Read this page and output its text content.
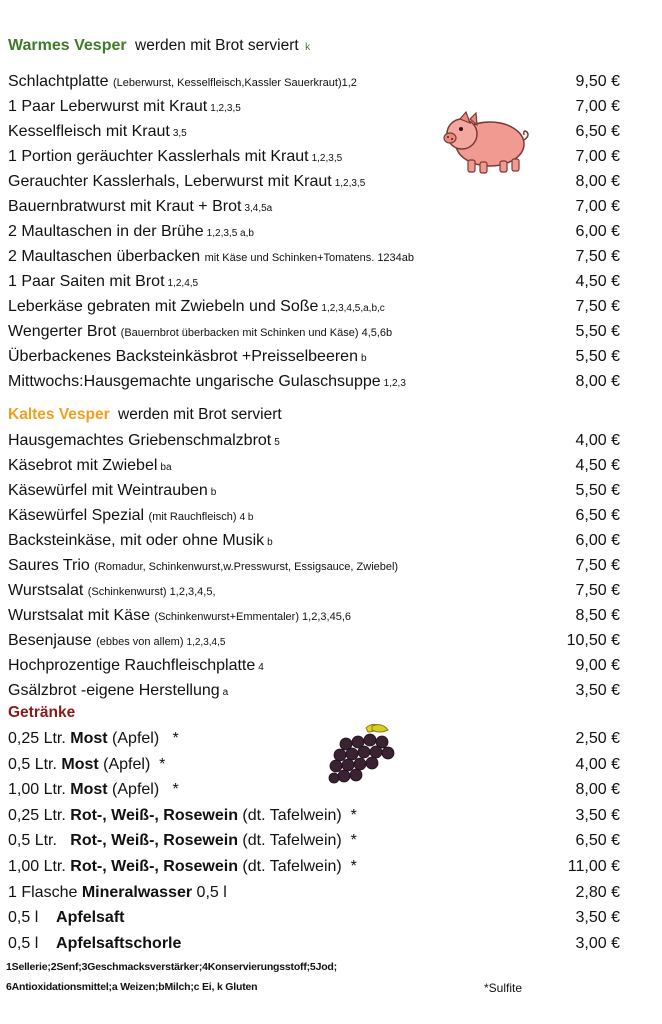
Warmes Vesper werden mit Brot serviert k
Schlachtplatte (Leberwurst, Kesselfleisch,Kassler Sauerkraut)1,2	9,50 €
1 Paar Leberwurst mit Kraut 1,2,3,5	7,00 €
Kesselfleisch mit Kraut 3,5	6,50 €
1 Portion geräuchter Kasslerhals mit Kraut 1,2,3,5	7,00 €
Gerauchter Kasslerhals, Leberwurst mit Kraut 1,2,3,5	8,00 €
Bauernbratwurst mit Kraut + Brot 3,4,5a	7,00 €
2 Maultaschen in der Brühe 1,2,3,5 a,b	6,00 €
2 Maultaschen überbacken mit Käse und Schinken+Tomatens. 1234ab	7,50 €
1 Paar Saiten mit Brot 1,2,4,5	4,50 €
Leberkäse gebraten mit Zwiebeln und Soße 1,2,3,4,5,a,b,c	7,50 €
Wengerter Brot (Bauernbrot überbacken mit Schinken und Käse) 4,5,6b	5,50 €
Überbackenes Backsteinkäsbrot +Preisselbeeren b	5,50 €
Mittwochs:Hausgemachte ungarische Gulaschsuppe 1,2,3	8,00 €
Kaltes Vesper werden mit Brot serviert
Hausgemachtes Griebenschmalzbrot 5	4,00 €
Käsebrot mit Zwiebel ba	4,50 €
Käsewürfel mit Weintrauben b	5,50 €
Käsewürfel Spezial (mit Rauchfleisch) 4 b	6,50 €
Backsteinkäse, mit oder ohne Musik b	6,00 €
Saures Trio (Romadur, Schinkenwurst,w.Presswurst, Essigsauce, Zwiebel)	7,50 €
Wurstsalat (Schinkenwurst) 1,2,3,4,5,	7,50 €
Wurstsalat mit Käse (Schinkenwurst+Emmentaler) 1,2,3,45,6	8,50 €
Besenjause (ebbes von allem) 1,2,3,4,5	10,50 €
Hochprozentige Rauchfleischplatte 4	9,00 €
Gsälzbrot -eigene Herstellung a	3,50 €
Getränke
0,25 Ltr. Most (Apfel)   *	2,50 €
0,5 Ltr. Most (Apfel)  *	4,00 €
1,00 Ltr. Most (Apfel)   *	8,00 €
0,25 Ltr. Rot-, Weiß-, Rosewein (dt. Tafelwein)  *	3,50 €
0,5 Ltr.   Rot-, Weiß-, Rosewein (dt. Tafelwein)  *	6,50 €
1,00 Ltr. Rot-, Weiß-, Rosewein (dt. Tafelwein)  *	11,00 €
1 Flasche Mineralwasser 0,5 l	2,80 €
0,5 l    Apfelsaft	3,50 €
0,5 l    Apfelsaftschorle	3,00 €
1Sellerie;2Senf;3Geschmacksverstärker;4Konservierungsstoff;5Jod;
6Antioxidationsmittel;a Weizen;bMilch;c Ei, k Gluten	*Sulfite
